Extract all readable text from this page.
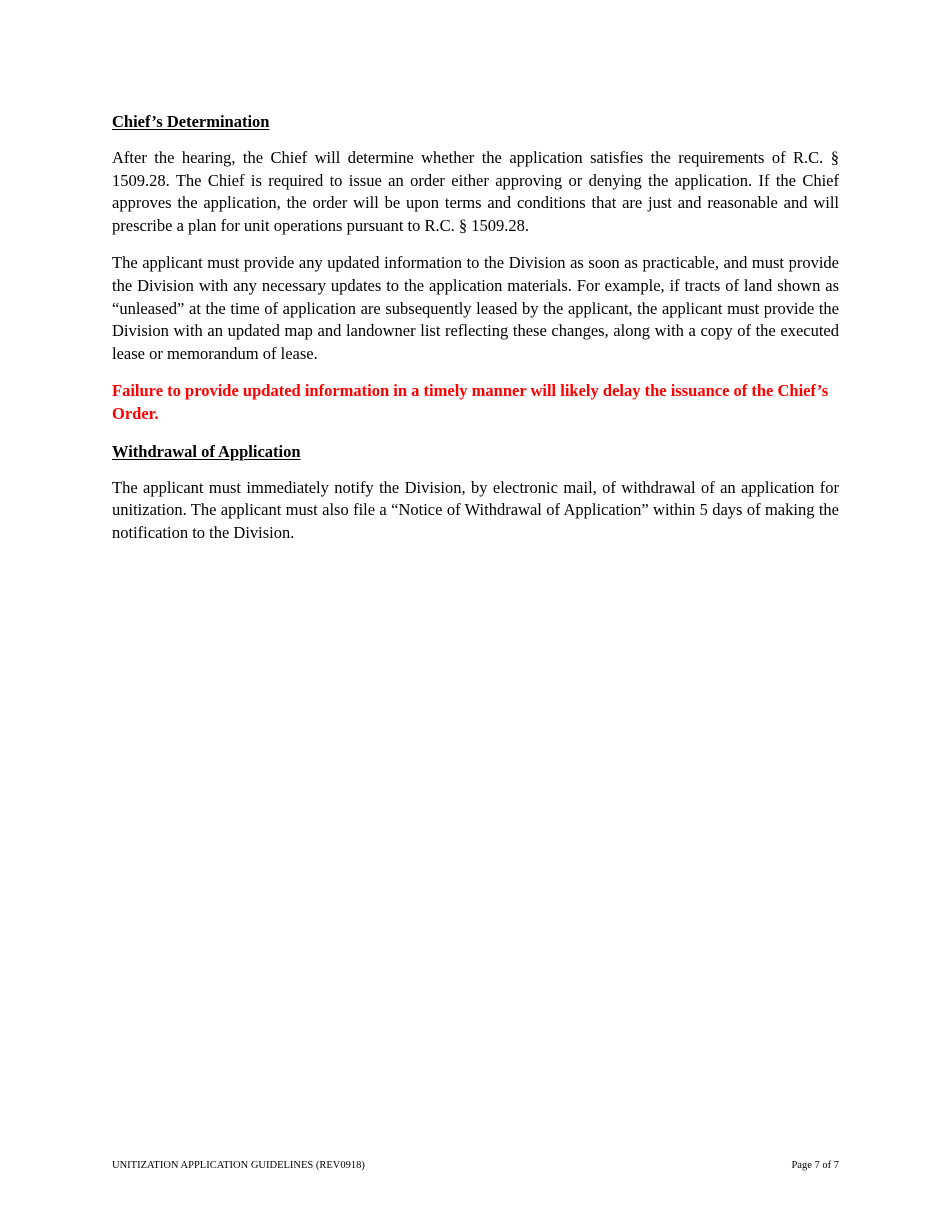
Chief’s Determination

After the hearing, the Chief will determine whether the application satisfies the requirements of R.C. § 1509.28. The Chief is required to issue an order either approving or denying the application. If the Chief approves the application, the order will be upon terms and conditions that are just and reasonable and will prescribe a plan for unit operations pursuant to R.C. § 1509.28.

The applicant must provide any updated information to the Division as soon as practicable, and must provide the Division with any necessary updates to the application materials. For example, if tracts of land shown as “unleased” at the time of application are subsequently leased by the applicant, the applicant must provide the Division with an updated map and landowner list reflecting these changes, along with a copy of the executed lease or memorandum of lease.

Failure to provide updated information in a timely manner will likely delay the issuance of the Chief’s Order.

Withdrawal of Application

The applicant must immediately notify the Division, by electronic mail, of withdrawal of an application for unitization. The applicant must also file a “Notice of Withdrawal of Application” within 5 days of making the notification to the Division.

UNITIZATION APPLICATION GUIDELINES (REV0918)	Page 7 of 7
